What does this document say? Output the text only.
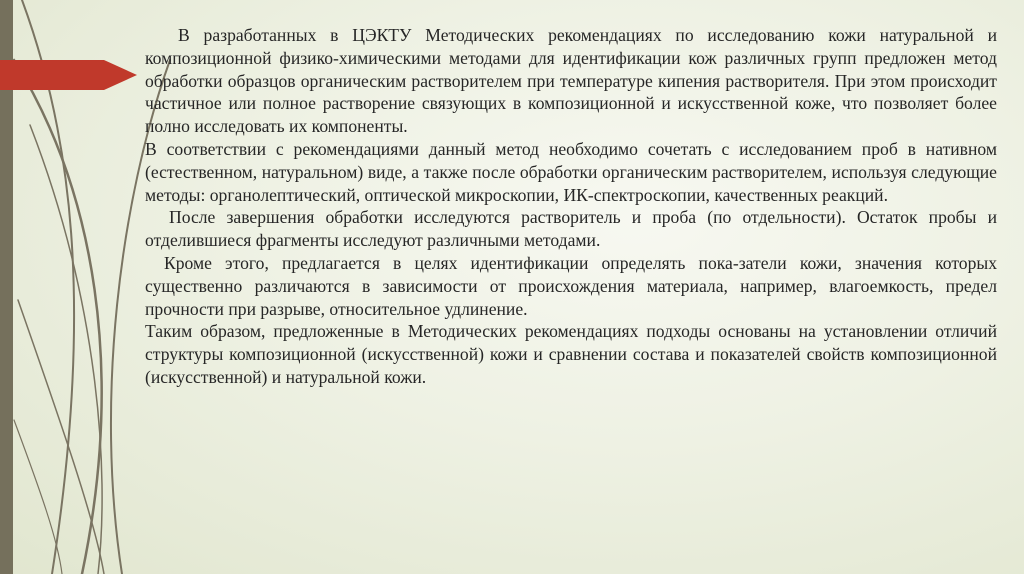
В разработанных в ЦЭКТУ Методических рекомендациях по исследованию кожи натуральной и композиционной физико-химическими методами для идентификации кож различных групп предложен метод обработки образцов органическим растворителем при температуре кипения растворителя. При этом происходит частичное или полное растворение связующих в композиционной и искусственной коже, что позволяет более полно исследовать их компоненты.

В соответствии с рекомендациями данный метод необходимо сочетать с исследованием проб в нативном (естественном, натуральном) виде, а также после обработки органическим растворителем, используя следующие методы: органолептический, оптической микроскопии, ИК-спектроскопии, качественных реакций.

После завершения обработки исследуются растворитель и проба (по отдельности). Остаток пробы и отделившиеся фрагменты исследуют различными методами.

Кроме этого, предлагается в целях идентификации определять пока-затели кожи, значения которых существенно различаются в зависимости от происхождения материала, например, влагоемкость, предел прочности при разрыве, относительное удлинение.

Таким образом, предложенные в Методических рекомендациях подходы основаны на установлении отличий структуры композиционной (искусственной) кожи и сравнении состава и показателей свойств композиционной (искусственной) и натуральной кожи.
